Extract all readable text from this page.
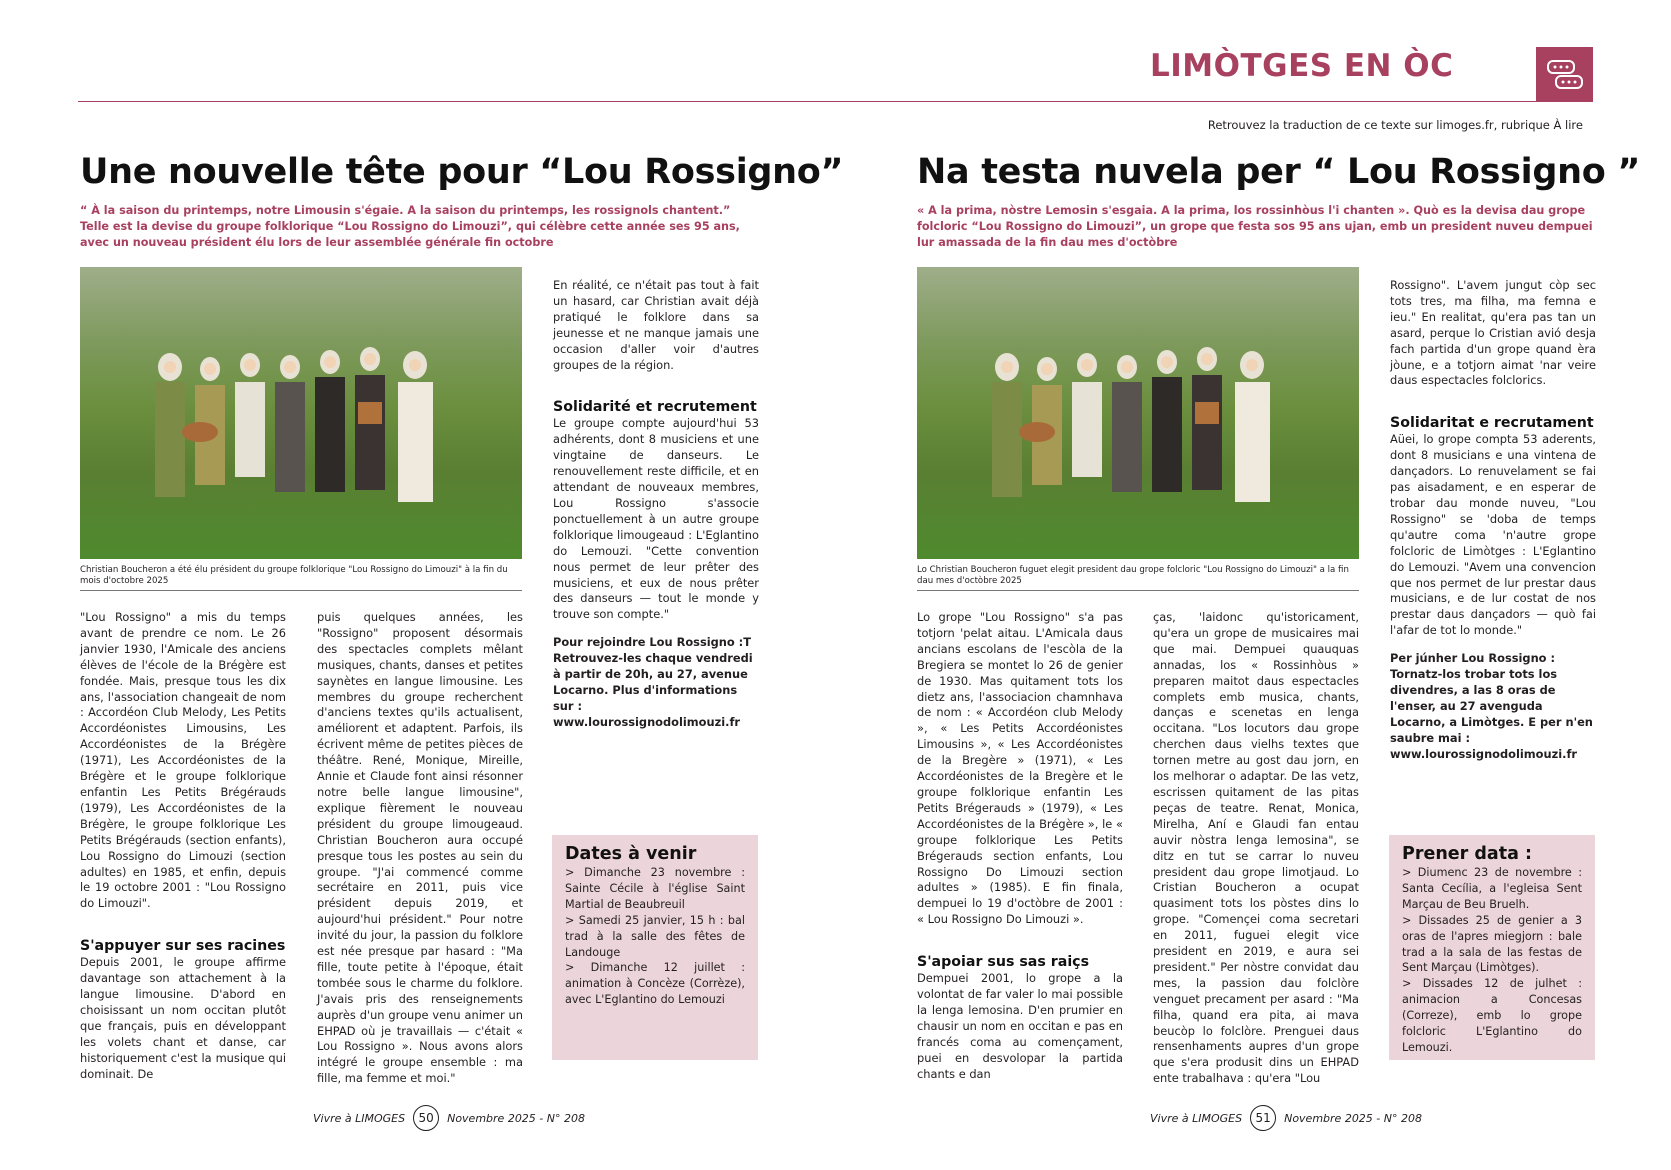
LIMÒTGES EN ÒC
Retrouvez la traduction de ce texte sur limoges.fr, rubrique À lire
Une nouvelle tête pour “Lou Rossigno”
“ À la saison du printemps, notre Limousin s'égaie. A la saison du printemps, les rossignols chantent.” Telle est la devise du groupe folklorique “Lou Rossigno do Limouzi”, qui célèbre cette année ses 95 ans, avec un nouveau président élu lors de leur assemblée générale fin octobre
Christian Boucheron a été élu président du groupe folklorique "Lou Rossigno do Limouzi" à la fin du mois d'octobre 2025

"Lou Rossigno" a mis du temps avant de prendre ce nom. Le 26 janvier 1930, l'Amicale des anciens élèves de l'école de la Brégère est fondée. Mais, presque tous les dix ans, l'association changeait de nom : Accordéon Club Melody, Les Petits Accordéonistes Limousins, Les Accordéonistes de la Brégère (1971), Les Accordéonistes de la Brégère et le groupe folklorique enfantin Les Petits Brégérauds (1979), Les Accordéonistes de la Brégère, le groupe folklorique Les Petits Brégérauds (section enfants), Lou Rossigno do Limouzi (section adultes) en 1985, et enfin, depuis le 19 octobre 2001 : "Lou Rossigno do Limouzi".

S'appuyer sur ses racines

Depuis 2001, le groupe affirme davantage son attachement à la langue limousine. D'abord en choisissant un nom occitan plutôt que français, puis en développant les volets chant et danse, car historiquement c'est la musique qui dominait. De

puis quelques années, les "Rossigno" proposent désormais des spectacles complets mêlant musiques, chants, danses et petites saynètes en langue limousine. Les membres du groupe recherchent d'anciens textes qu'ils actualisent, améliorent et adaptent. Parfois, ils écrivent même de petites pièces de théâtre. René, Monique, Mireille, Annie et Claude font ainsi résonner notre belle langue limousine", explique fièrement le nouveau président du groupe limougeaud. Christian Boucheron aura occupé presque tous les postes au sein du groupe. "J'ai commencé comme secrétaire en 2011, puis vice président depuis 2019, et aujourd'hui président." Pour notre invité du jour, la passion du folklore est née presque par hasard : "Ma fille, toute petite à l'époque, était tombée sous le charme du folklore. J'avais pris des renseignements auprès d'un groupe venu animer un EHPAD où je travaillais — c'était « Lou Rossigno ». Nous avons alors intégré le groupe ensemble : ma fille, ma femme et moi."

En réalité, ce n'était pas tout à fait un hasard, car Christian avait déjà pratiqué le folklore dans sa jeunesse et ne manque jamais une occasion d'aller voir d'autres groupes de la région.

Solidarité et recrutement

Le groupe compte aujourd'hui 53 adhérents, dont 8 musiciens et une vingtaine de danseurs. Le renouvellement reste difficile, et en attendant de nouveaux membres, Lou Rossigno s'associe ponctuellement à un autre groupe folklorique limougeaud : L'Eglantino do Lemouzi. "Cette convention nous permet de leur prêter des musiciens, et eux de nous prêter des danseurs — tout le monde y trouve son compte."

Pour rejoindre Lou Rossigno :T Retrouvez-les chaque vendredi à partir de 20h, au 27, avenue Locarno. Plus d'informations sur : www.lourossignodolimouzi.fr

Dates à venir
> Dimanche 23 novembre : Sainte Cécile à l'église Saint Martial de Beaubreuil
> Samedi 25 janvier, 15 h : bal trad à la salle des fêtes de Landouge
> Dimanche 12 juillet : animation à Concèze (Corrèze), avec L'Eglantino do Lemouzi
Vivre à LIMOGES	50	Novembre 2025 - N° 208
Na testa nuvela per “ Lou Rossigno ”
« A la prima, nòstre Lemosin s'esgaia. A la prima, los rossinhòus l'i chanten ». Quò es la devisa dau grope folcloric “Lou Rossigno do Limouzi”, un grope que festa sos 95 ans ujan, emb un president nuveu dempuei lur amassada de la fin dau mes d'octòbre
Lo Christian Boucheron fuguet elegit president dau grope folcloric "Lou Rossigno do Limouzi" a la fin dau mes d'octòbre 2025

Lo grope "Lou Rossigno" s'a pas totjorn 'pelat aitau. L'Amicala daus ancians escolans de l'escòla de la Bregiera se montet lo 26 de genier de 1930. Mas quitament tots los dietz ans, l'associacion chamnhava de nom : « Accordéon club Melody », « Les Petits Accordéonistes Limousins », « Les Accordéonistes de la Bregère » (1971), « Les Accordéonistes de la Bregère et le groupe folklorique enfantin Les Petits Brégerauds » (1979), « Les Accordéonistes de la Brégère », le « groupe folklorique Les Petits Brégerauds section enfants, Lou Rossigno Do Limouzi section adultes » (1985). E fin finala, dempuei lo 19 d'octòbre de 2001 : « Lou Rossigno Do Limouzi ».

S'apoiar sus sas raiçs

Dempuei 2001, lo grope a la volontat de far valer lo mai possible la lenga lemosina. D'en prumier en chausir un nom en occitan e pas en francés coma au començament, puei en desvolopar la partida chants e dan

ças, 'laidonc qu'istoricament, qu'era un grope de musicaires mai que mai. Dempuei quauquas annadas, los « Rossinhòus » preparen maitot daus espectacles complets emb musica, chants, danças e scenetas en lenga occitana. "Los locutors dau grope cherchen daus vielhs textes que tornen metre au gost dau jorn, en los melhorar o adaptar. De las vetz, escrissen quitament de las pitas peças de teatre. Renat, Monica, Mirelha, Aní e Glaudi fan entau auvir nòstra lenga lemosina", se ditz en tut se carrar lo nuveu president dau grope limotjaud. Lo Cristian Boucheron a ocupat quasiment tots los pòstes dins lo grope. "Començei coma secretari en 2011, fuguei elegit vice president en 2019, e aura sei president." Per nòstre convidat dau mes, la passion dau folclòre venguet precament per asard : "Ma filha, quand era pita, ai mava beucòp lo folclòre. Prenguei daus rensenhaments aupres d'un grope que s'era produsit dins un EHPAD ente trabalhava : qu'era "Lou

Rossigno". L'avem jungut còp sec tots tres, ma filha, ma femna e ieu." En realitat, qu'era pas tan un asard, perque lo Cristian avió desja fach partida d'un grope quand èra jòune, e a totjorn aimat 'nar veire daus espectacles folclorics.

Solidaritat e recrutament

Aüei, lo grope compta 53 aderents, dont 8 musicians e una vintena de dançadors. Lo renuvelament se fai pas aisadament, e en esperar de trobar dau monde nuveu, "Lou Rossigno" se 'doba de temps qu'autre coma 'n'autre grope folcloric de Limòtges : L'Eglantino do Lemouzi. "Avem una convencion que nos permet de lur prestar daus musicians, e de lur costat de nos prestar daus dançadors — quò fai l'afar de tot lo monde."

Per júnher Lou Rossigno : Tornatz-los trobar tots los divendres, a las 8 oras de l'enser, au 27 avenguda Locarno, a Limòtges. E per n'en saubre mai : www.lourossignodolimouzi.fr

Prener data :
> Diumenc 23 de novembre : Santa Cecília, a l'egleisa Sent Marçau de Beu Bruelh.
> Dissades 25 de genier a 3 oras de l'apres miegjorn : bale trad a la sala de las festas de Sent Marçau (Limòtges).
> Dissades 12 de julhet : animacion a Concesas (Correze), emb lo grope folcloric L'Eglantino do Lemouzi.
Vivre à LIMOGES	51	Novembre 2025 - N° 208
